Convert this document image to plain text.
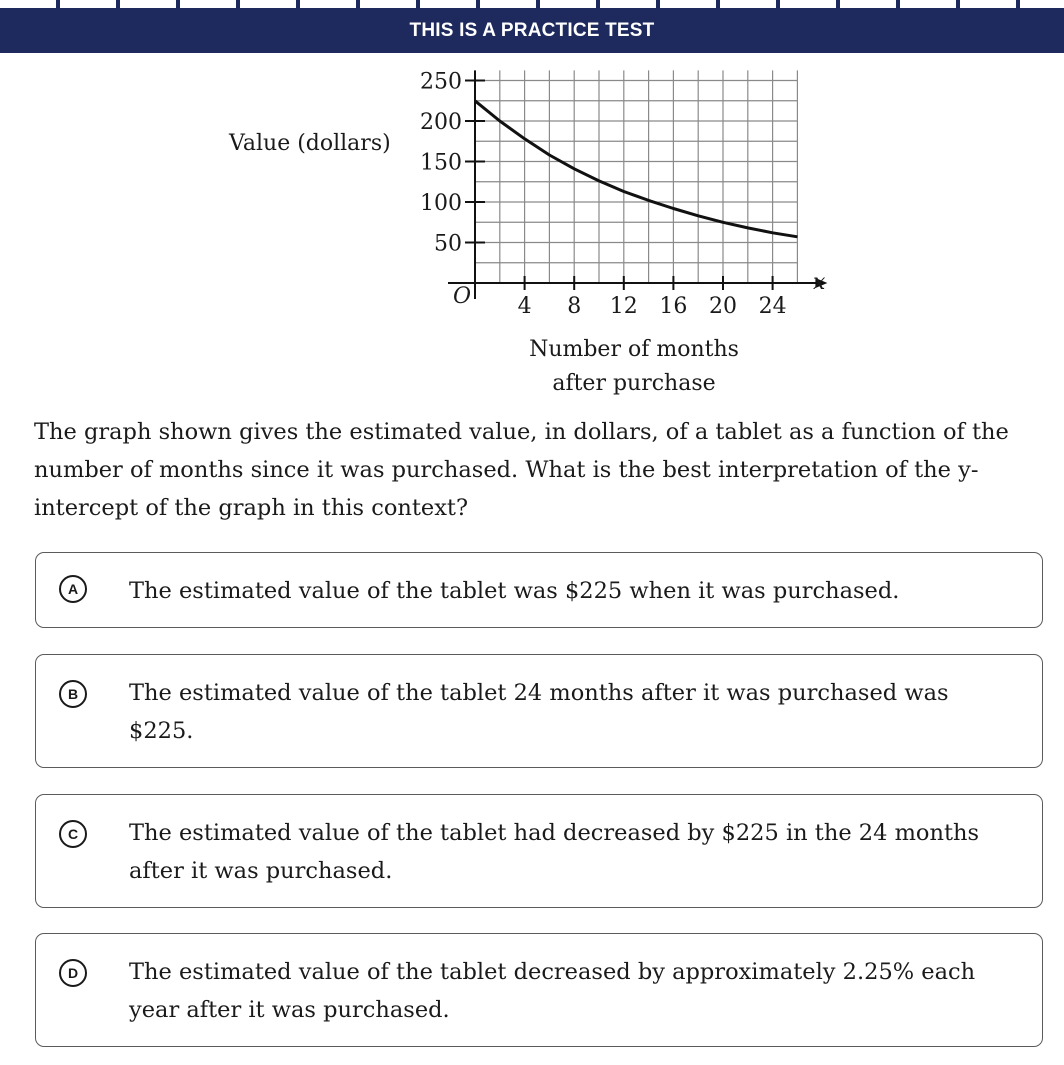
THIS IS A PRACTICE TEST
Value (dollars)
4 8 12 16 20 24
50
100
150
200
250
x
O
Number of months
after purchase
The graph shown gives the estimated value, in dollars, of a tablet as a function of the number of months since it was purchased. What is the best interpretation of the y-intercept of the graph in this context?
A	The estimated value of the tablet was $225 when it was purchased.
B	The estimated value of the tablet 24 months after it was purchased was $225.
C	The estimated value of the tablet had decreased by $225 in the 24 months after it was purchased.
D	The estimated value of the tablet decreased by approximately 2.25% each year after it was purchased.
